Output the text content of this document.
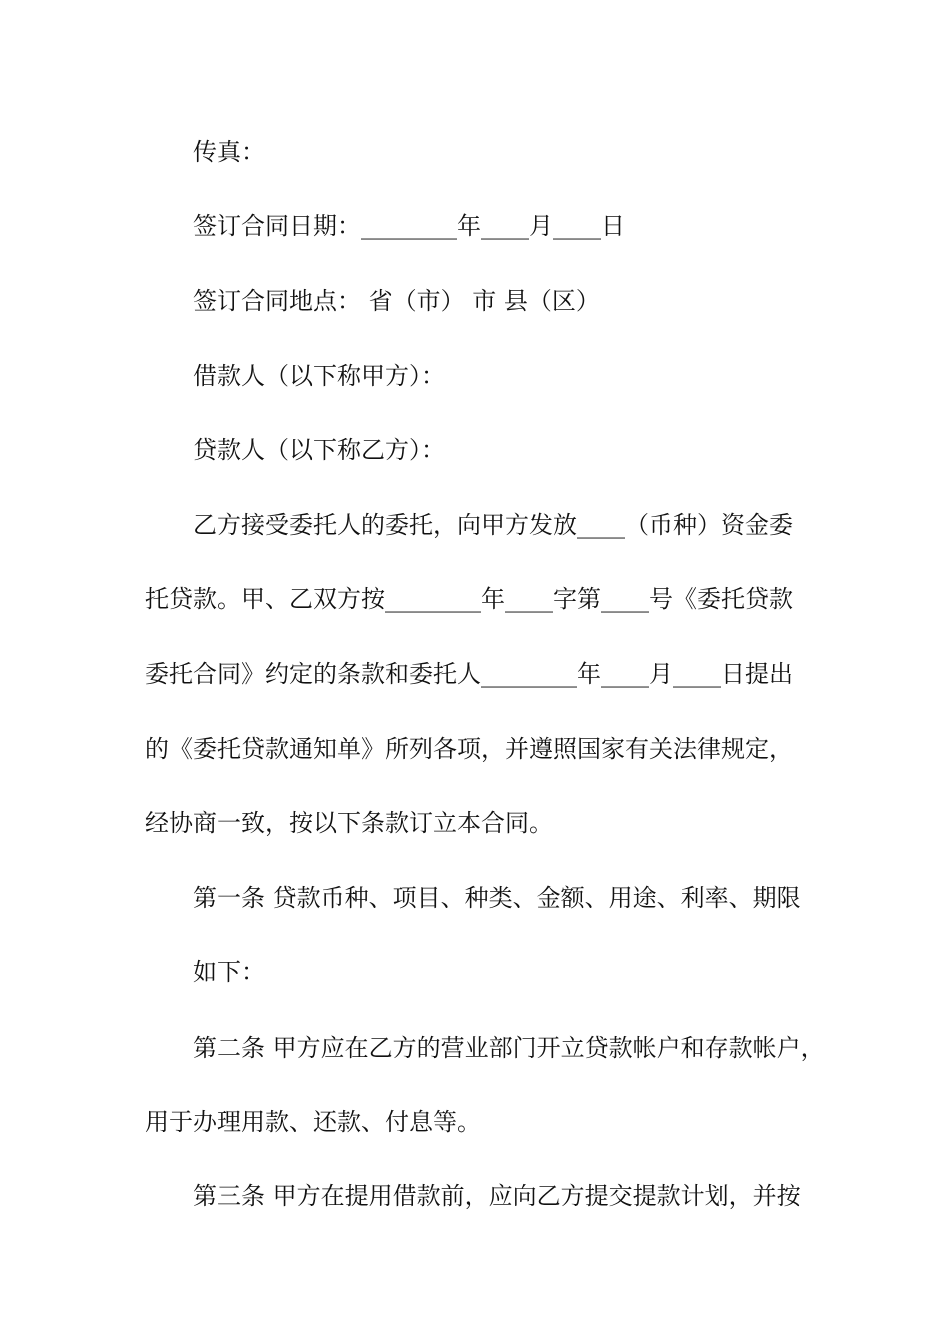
传真：
签订合同日期：________年____月____日
签订合同地点： 省（市） 市 县（区）
借款人（以下称甲方）：
贷款人（以下称乙方）：
乙方接受委托人的委托，向甲方发放____（币种）资金委
托贷款。甲、乙双方按________年____字第____号《委托贷款
委托合同》约定的条款和委托人________年____月____日提出
的《委托贷款通知单》所列各项，并遵照国家有关法律规定，
经协商一致，按以下条款订立本合同。
第一条 贷款币种、项目、种类、金额、用途、利率、期限
如下：
第二条 甲方应在乙方的营业部门开立贷款帐户和存款帐户，
用于办理用款、还款、付息等。
第三条 甲方在提用借款前，应向乙方提交提款计划，并按
